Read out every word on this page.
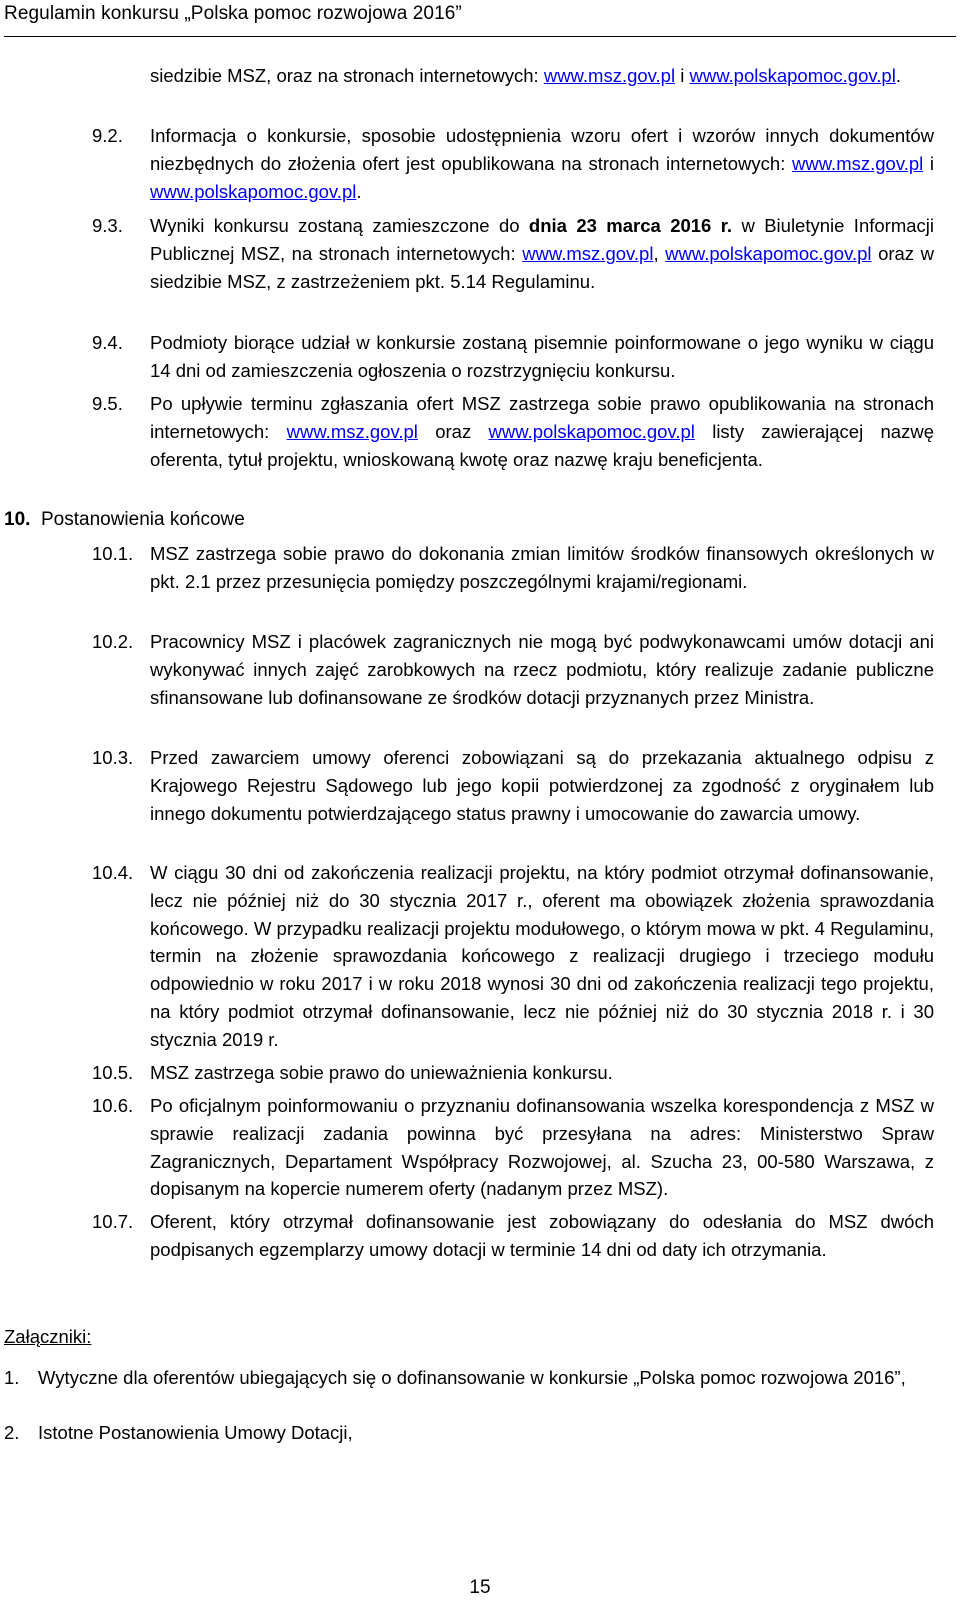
Regulamin konkursu „Polska pomoc rozwojowa 2016”
siedzibie MSZ, oraz na stronach internetowych: www.msz.gov.pl i www.polskapomoc.gov.pl.
9.2. Informacja o konkursie, sposobie udostępnienia wzoru ofert i wzorów innych dokumentów niezbędnych do złożenia ofert jest opublikowana na stronach internetowych: www.msz.gov.pl i www.polskapomoc.gov.pl.
9.3. Wyniki konkursu zostaną zamieszczone do dnia 23 marca 2016 r. w Biuletynie Informacji Publicznej MSZ, na stronach internetowych: www.msz.gov.pl, www.polskapomoc.gov.pl oraz w siedzibie MSZ, z zastrzeżeniem pkt. 5.14 Regulaminu.
9.4. Podmioty biorące udział w konkursie zostaną pisemnie poinformowane o jego wyniku w ciągu 14 dni od zamieszczenia ogłoszenia o rozstrzygnięciu konkursu.
9.5. Po upływie terminu zgłaszania ofert MSZ zastrzega sobie prawo opublikowania na stronach internetowych: www.msz.gov.pl oraz www.polskapomoc.gov.pl listy zawierającej nazwę oferenta, tytuł projektu, wnioskowaną kwotę oraz nazwę kraju beneficjenta.
10. Postanowienia końcowe
10.1. MSZ zastrzega sobie prawo do dokonania zmian limitów środków finansowych określonych w pkt. 2.1 przez przesunięcia pomiędzy poszczególnymi krajami/regionami.
10.2. Pracownicy MSZ i placówek zagranicznych nie mogą być podwykonawcami umów dotacji ani wykonywać innych zajęć zarobkowych na rzecz podmiotu, który realizuje zadanie publiczne sfinansowane lub dofinansowane ze środków dotacji przyznanych przez Ministra.
10.3. Przed zawarciem umowy oferenci zobowiązani są do przekazania aktualnego odpisu z Krajowego Rejestru Sądowego lub jego kopii potwierdzonej za zgodność z oryginałem lub innego dokumentu potwierdzającego status prawny i umocowanie do zawarcia umowy.
10.4. W ciągu 30 dni od zakończenia realizacji projektu, na który podmiot otrzymał dofinansowanie, lecz nie później niż do 30 stycznia 2017 r., oferent ma obowiązek złożenia sprawozdania końcowego. W przypadku realizacji projektu modułowego, o którym mowa w pkt. 4 Regulaminu, termin na złożenie sprawozdania końcowego z realizacji drugiego i trzeciego modułu odpowiednio w roku 2017 i w roku 2018 wynosi 30 dni od zakończenia realizacji tego projektu, na który podmiot otrzymał dofinansowanie, lecz nie później niż do 30 stycznia 2018 r. i 30 stycznia 2019 r.
10.5. MSZ zastrzega sobie prawo do unieważnienia konkursu.
10.6. Po oficjalnym poinformowaniu o przyznaniu dofinansowania wszelka korespondencja z MSZ w sprawie realizacji zadania powinna być przesyłana na adres: Ministerstwo Spraw Zagranicznych, Departament Współpracy Rozwojowej, al. Szucha 23, 00-580 Warszawa, z dopisanym na kopercie numerem oferty (nadanym przez MSZ).
10.7. Oferent, który otrzymał dofinansowanie jest zobowiązany do odesłania do MSZ dwóch podpisanych egzemplarzy umowy dotacji w terminie 14 dni od daty ich otrzymania.
Załączniki:
1. Wytyczne dla oferentów ubiegających się o dofinansowanie w konkursie „Polska pomoc rozwojowa 2016”,
2. Istotne Postanowienia Umowy Dotacji,
15
